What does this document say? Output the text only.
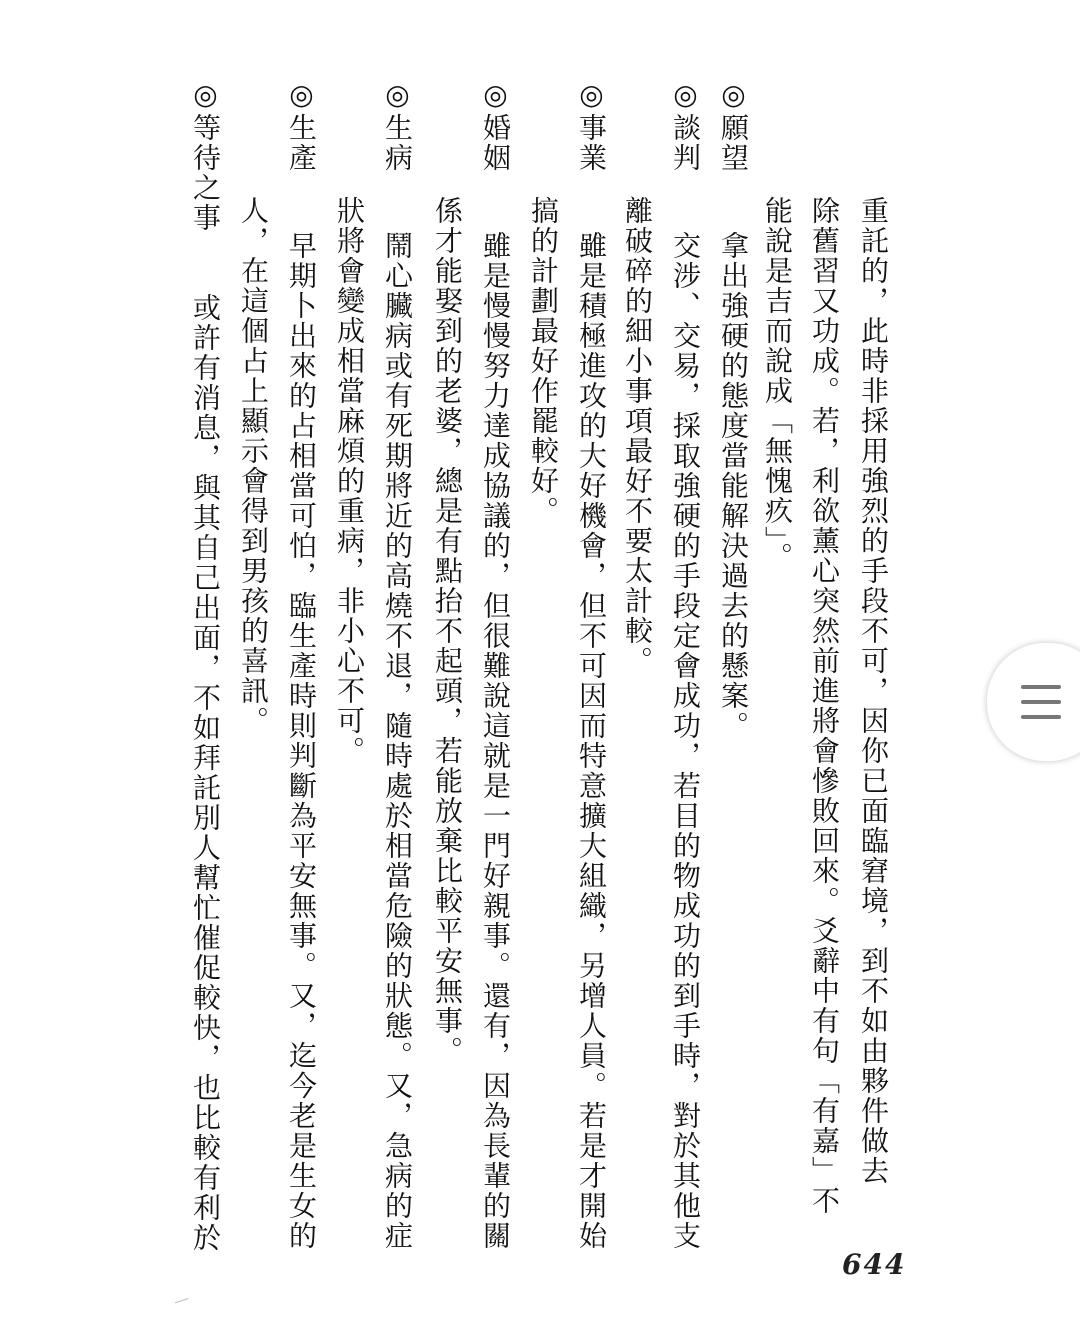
重託的，此時非採用強烈的手段不可，因你已面臨窘境，到不如由夥件做去
除舊習又功成。若，利欲薰心突然前進將會慘敗回來。爻辭中有句「有嘉」不
能說是吉而說成「無愧疚」。
◎願望 拿出強硬的態度當能解決過去的懸案。
◎談判 交涉、交易，採取強硬的手段定會成功，若目的物成功的到手時，對於其他支
離破碎的細小事項最好不要太計較。
◎事業 雖是積極進攻的大好機會，但不可因而特意擴大組織，另增人員。若是才開始
搞的計劃最好作罷較好。
◎婚姻 雖是慢慢努力達成協議的，但很難說這就是一門好親事。還有，因為長輩的關
係才能娶到的老婆，總是有點抬不起頭，若能放棄比較平安無事。
◎生病 鬧心臟病或有死期將近的高燒不退，隨時處於相當危險的狀態。又，急病的症
狀將會變成相當麻煩的重病，非小心不可。
◎生產 早期卜出來的占相當可怕，臨生產時則判斷為平安無事。又，迄今老是生女的
人，在這個占上顯示會得到男孩的喜訊。
◎等待之事 或許有消息，與其自己出面，不如拜託別人幫忙催促較快，也比較有利於
644
